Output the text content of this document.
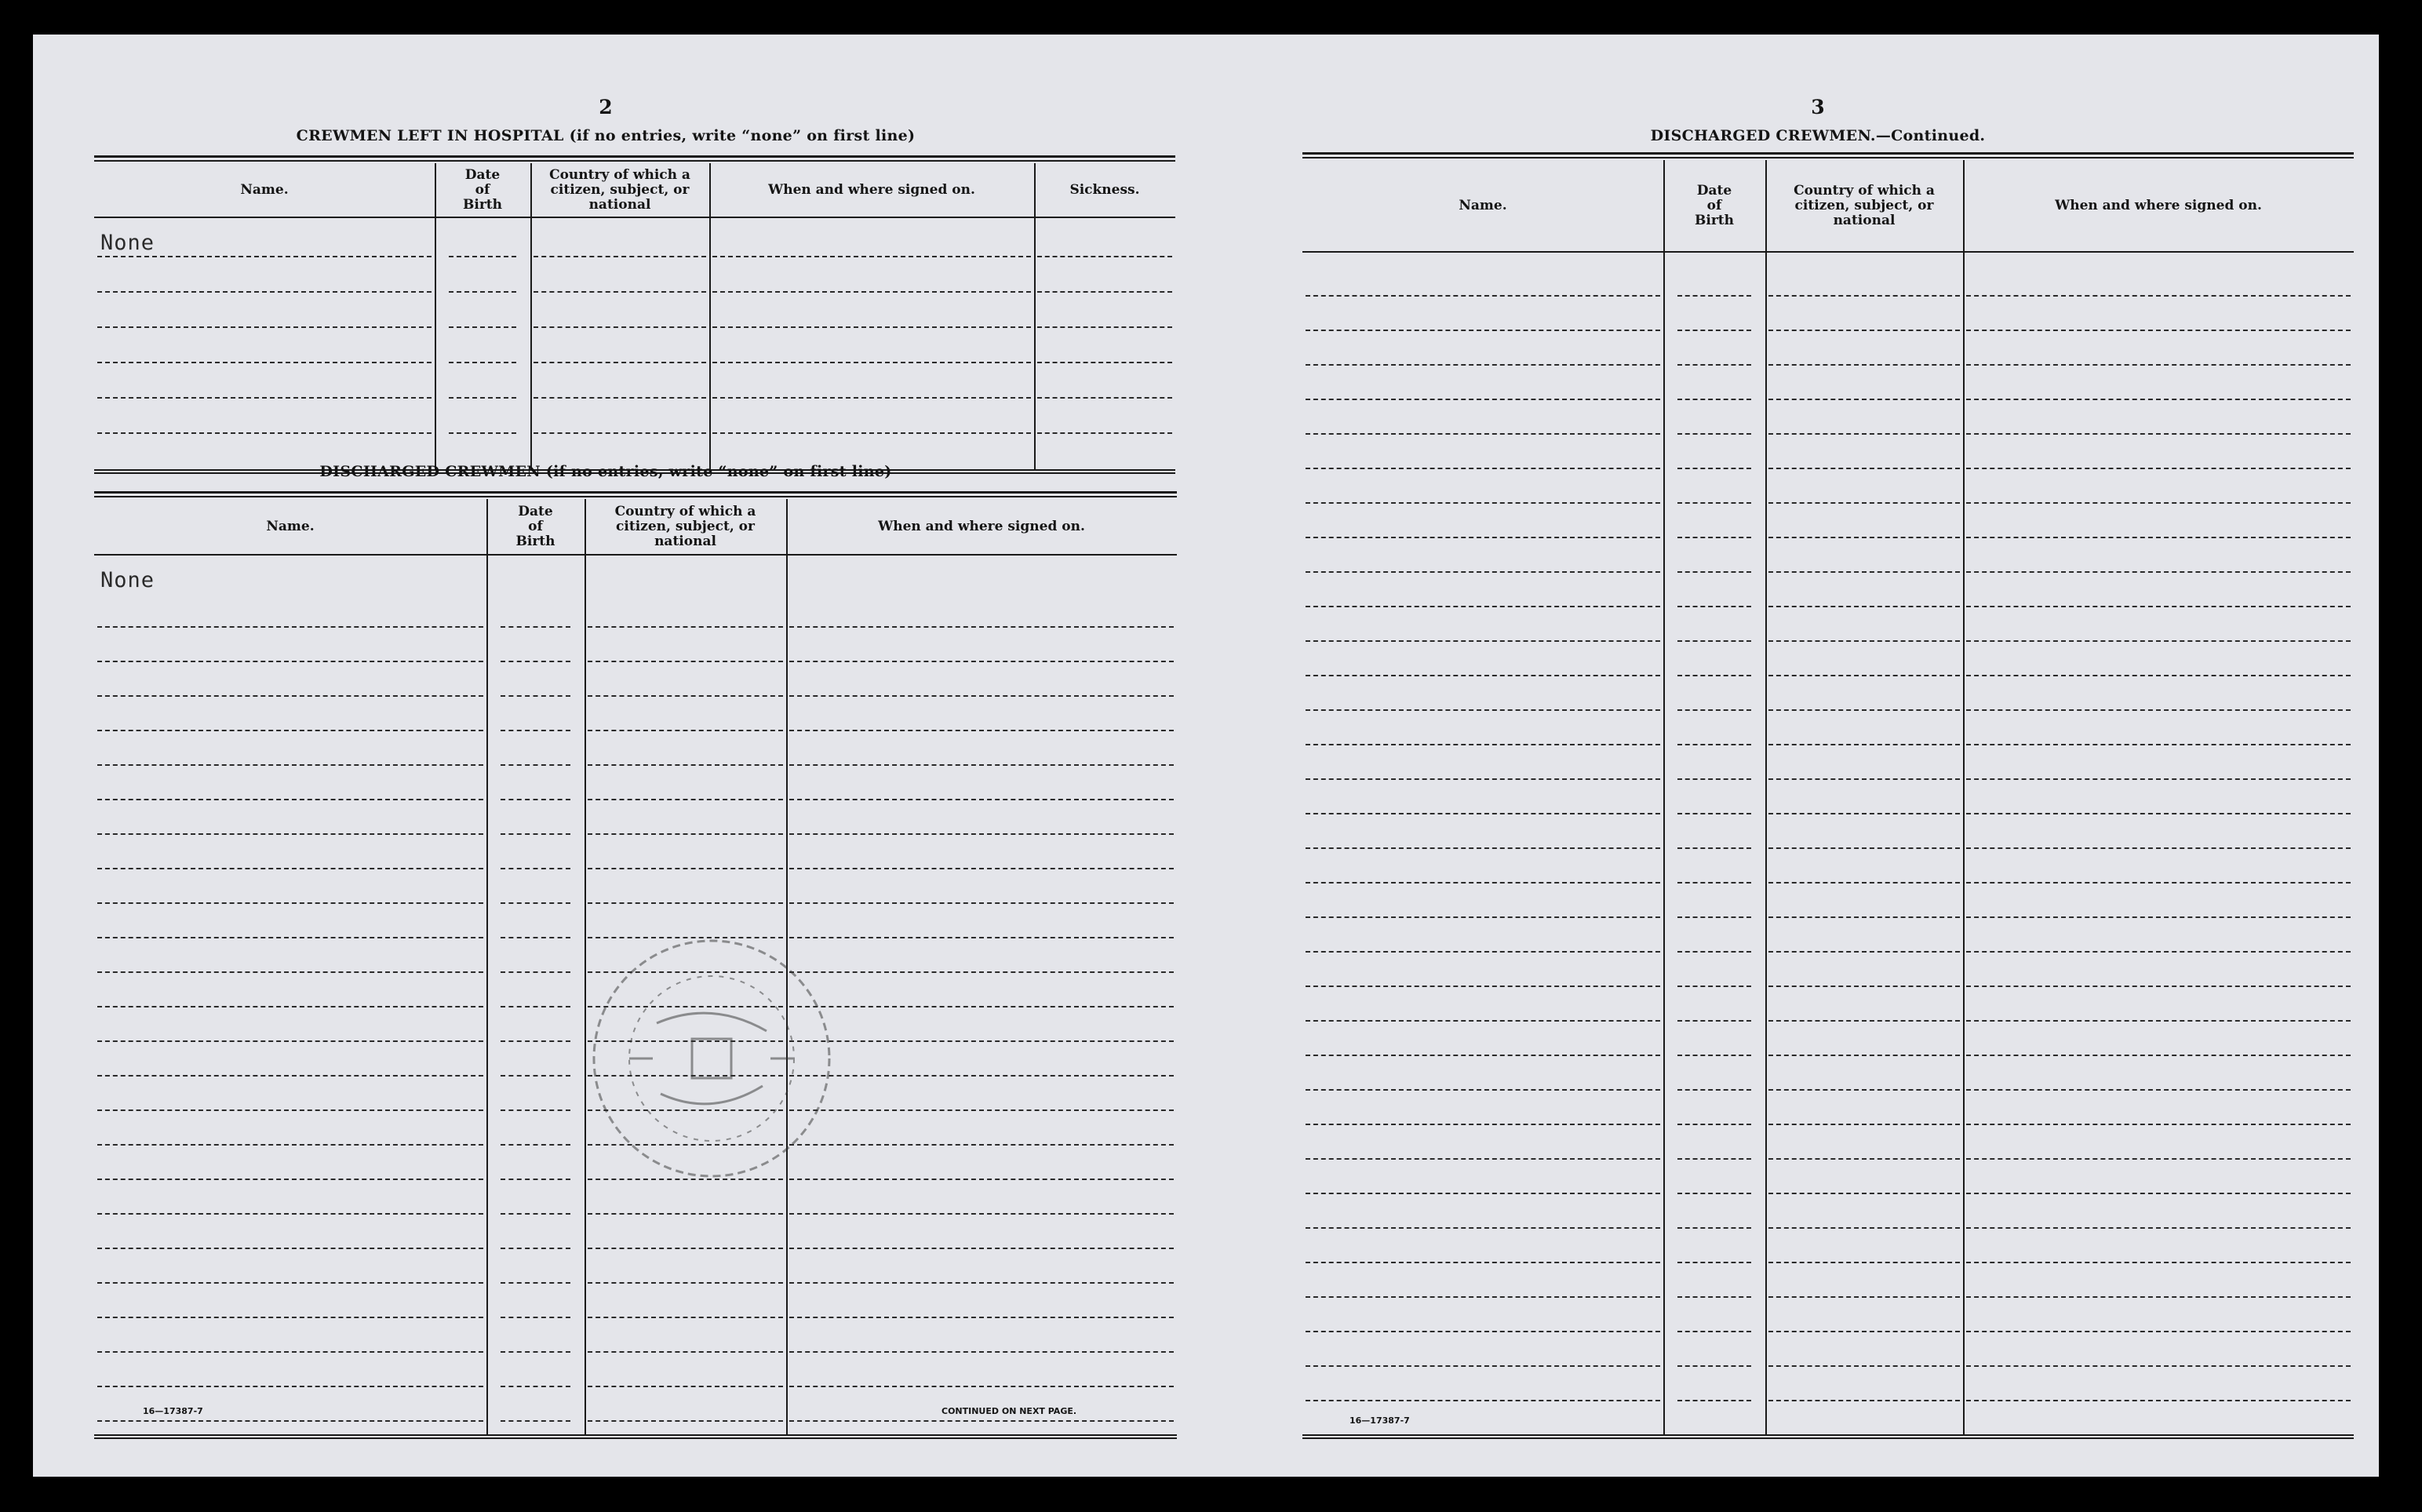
2
CREWMEN LEFT IN HOSPITAL (if no entries, write “none” on first line)
Name.
Date
of
Birth
Country of which a
citizen, subject, or
national
When and where signed on.	Sickness.
None
DISCHARGED CREWMEN (if no entries, write “none” on first line)
Name.
Date
of
Birth
Country of which a
citizen, subject, or
national
When and where signed on.
None
16—17387-7	CONTINUED ON NEXT PAGE.
3
DISCHARGED CREWMEN.—Continued.
Name.
Date
of
Birth
Country of which a
citizen, subject, or
national
When and where signed on.
16—17387-7
